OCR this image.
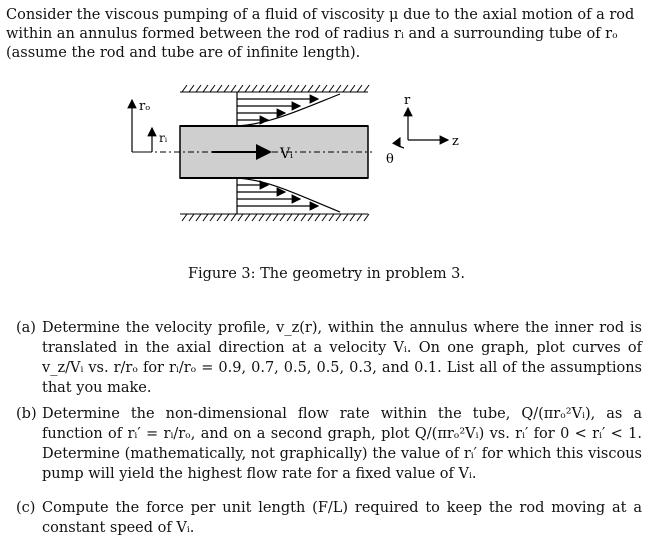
Consider the viscous pumping of a fluid of viscosity μ due to the axial motion of a rod within an annulus formed between the rod of radius rᵢ and a surrounding tube of rₒ (assume the rod and tube are of infinite length).
Vᵢ
rₒ
rᵢ
r
z
θ
Figure 3: The geometry in problem 3.
(a) Determine the velocity profile, v_z(r), within the annulus where the inner rod is translated in the axial direction at a velocity Vᵢ. On one graph, plot curves of v_z/Vᵢ vs. r/rₒ for rᵢ/rₒ = 0.9, 0.7, 0.5, 0.5, 0.3, and 0.1. List all of the assumptions that you make.
(b) Determine the non-dimensional flow rate within the tube, Q/(πrₒ²Vᵢ), as a function of rᵢ′ = rᵢ/rₒ, and on a second graph, plot Q/(πrₒ²Vᵢ) vs. rᵢ′ for 0 < rᵢ′ < 1. Determine (mathematically, not graphically) the value of rᵢ′ for which this viscous pump will yield the highest flow rate for a fixed value of Vᵢ.
(c) Compute the force per unit length (F/L) required to keep the rod moving at a constant speed of Vᵢ.
